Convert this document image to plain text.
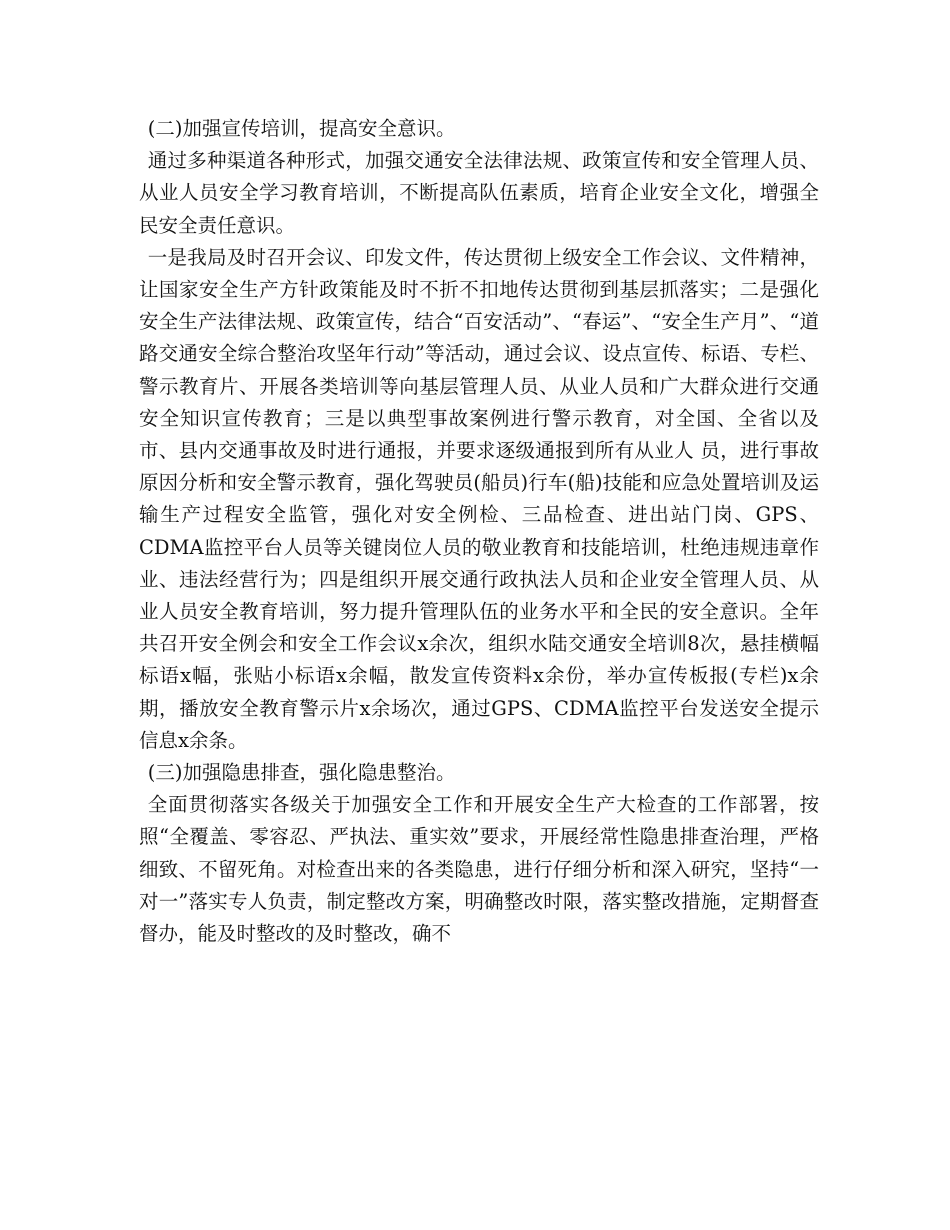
(二)加强宣传培训，提高安全意识。

通过多种渠道各种形式，加强交通安全法律法规、政策宣传和安全管理人员、从业人员安全学习教育培训，不断提高队伍素质，培育企业安全文化，增强全民安全责任意识。

一是我局及时召开会议、印发文件，传达贯彻上级安全工作会议、文件精神，让国家安全生产方针政策能及时不折不扣地传达贯彻到基层抓落实；二是强化安全生产法律法规、政策宣传，结合“百安活动”、“春运”、“安全生产月”、“道路交通安全综合整治攻坚年行动”等活动，通过会议、设点宣传、标语、专栏、警示教育片、开展各类培训等向基层管理人员、从业人员和广大群众进行交通安全知识宣传教育；三是以典型事故案例进行警示教育，对全国、全省以及市、县内交通事故及时进行通报，并要求逐级通报到所有从业人 员，进行事故原因分析和安全警示教育，强化驾驶员(船员)行车(船)技能和应急处置培训及运输生产过程安全监管，强化对安全例检、三品检查、进出站门岗、GPS、CDMA监控平台人员等关键岗位人员的敬业教育和技能培训，杜绝违规违章作业、违法经营行为；四是组织开展交通行政执法人员和企业安全管理人员、从业人员安全教育培训，努力提升管理队伍的业务水平和全民的安全意识。全年共召开安全例会和安全工作会议x余次，组织水陆交通安全培训8次，悬挂横幅标语x幅，张贴小标语x余幅，散发宣传资料x余份，举办宣传板报(专栏)x余期，播放安全教育警示片x余场次，通过GPS、CDMA监控平台发送安全提示信息x余条。

(三)加强隐患排查，强化隐患整治。

全面贯彻落实各级关于加强安全工作和开展安全生产大检查的工作部署，按照“全覆盖、零容忍、严执法、重实效”要求，开展经常性隐患排查治理，严格细致、不留死角。对检查出来的各类隐患，进行仔细分析和深入研究，坚持“一对一”落实专人负责，制定整改方案，明确整改时限，落实整改措施，定期督查督办，能及时整改的及时整改，确不
